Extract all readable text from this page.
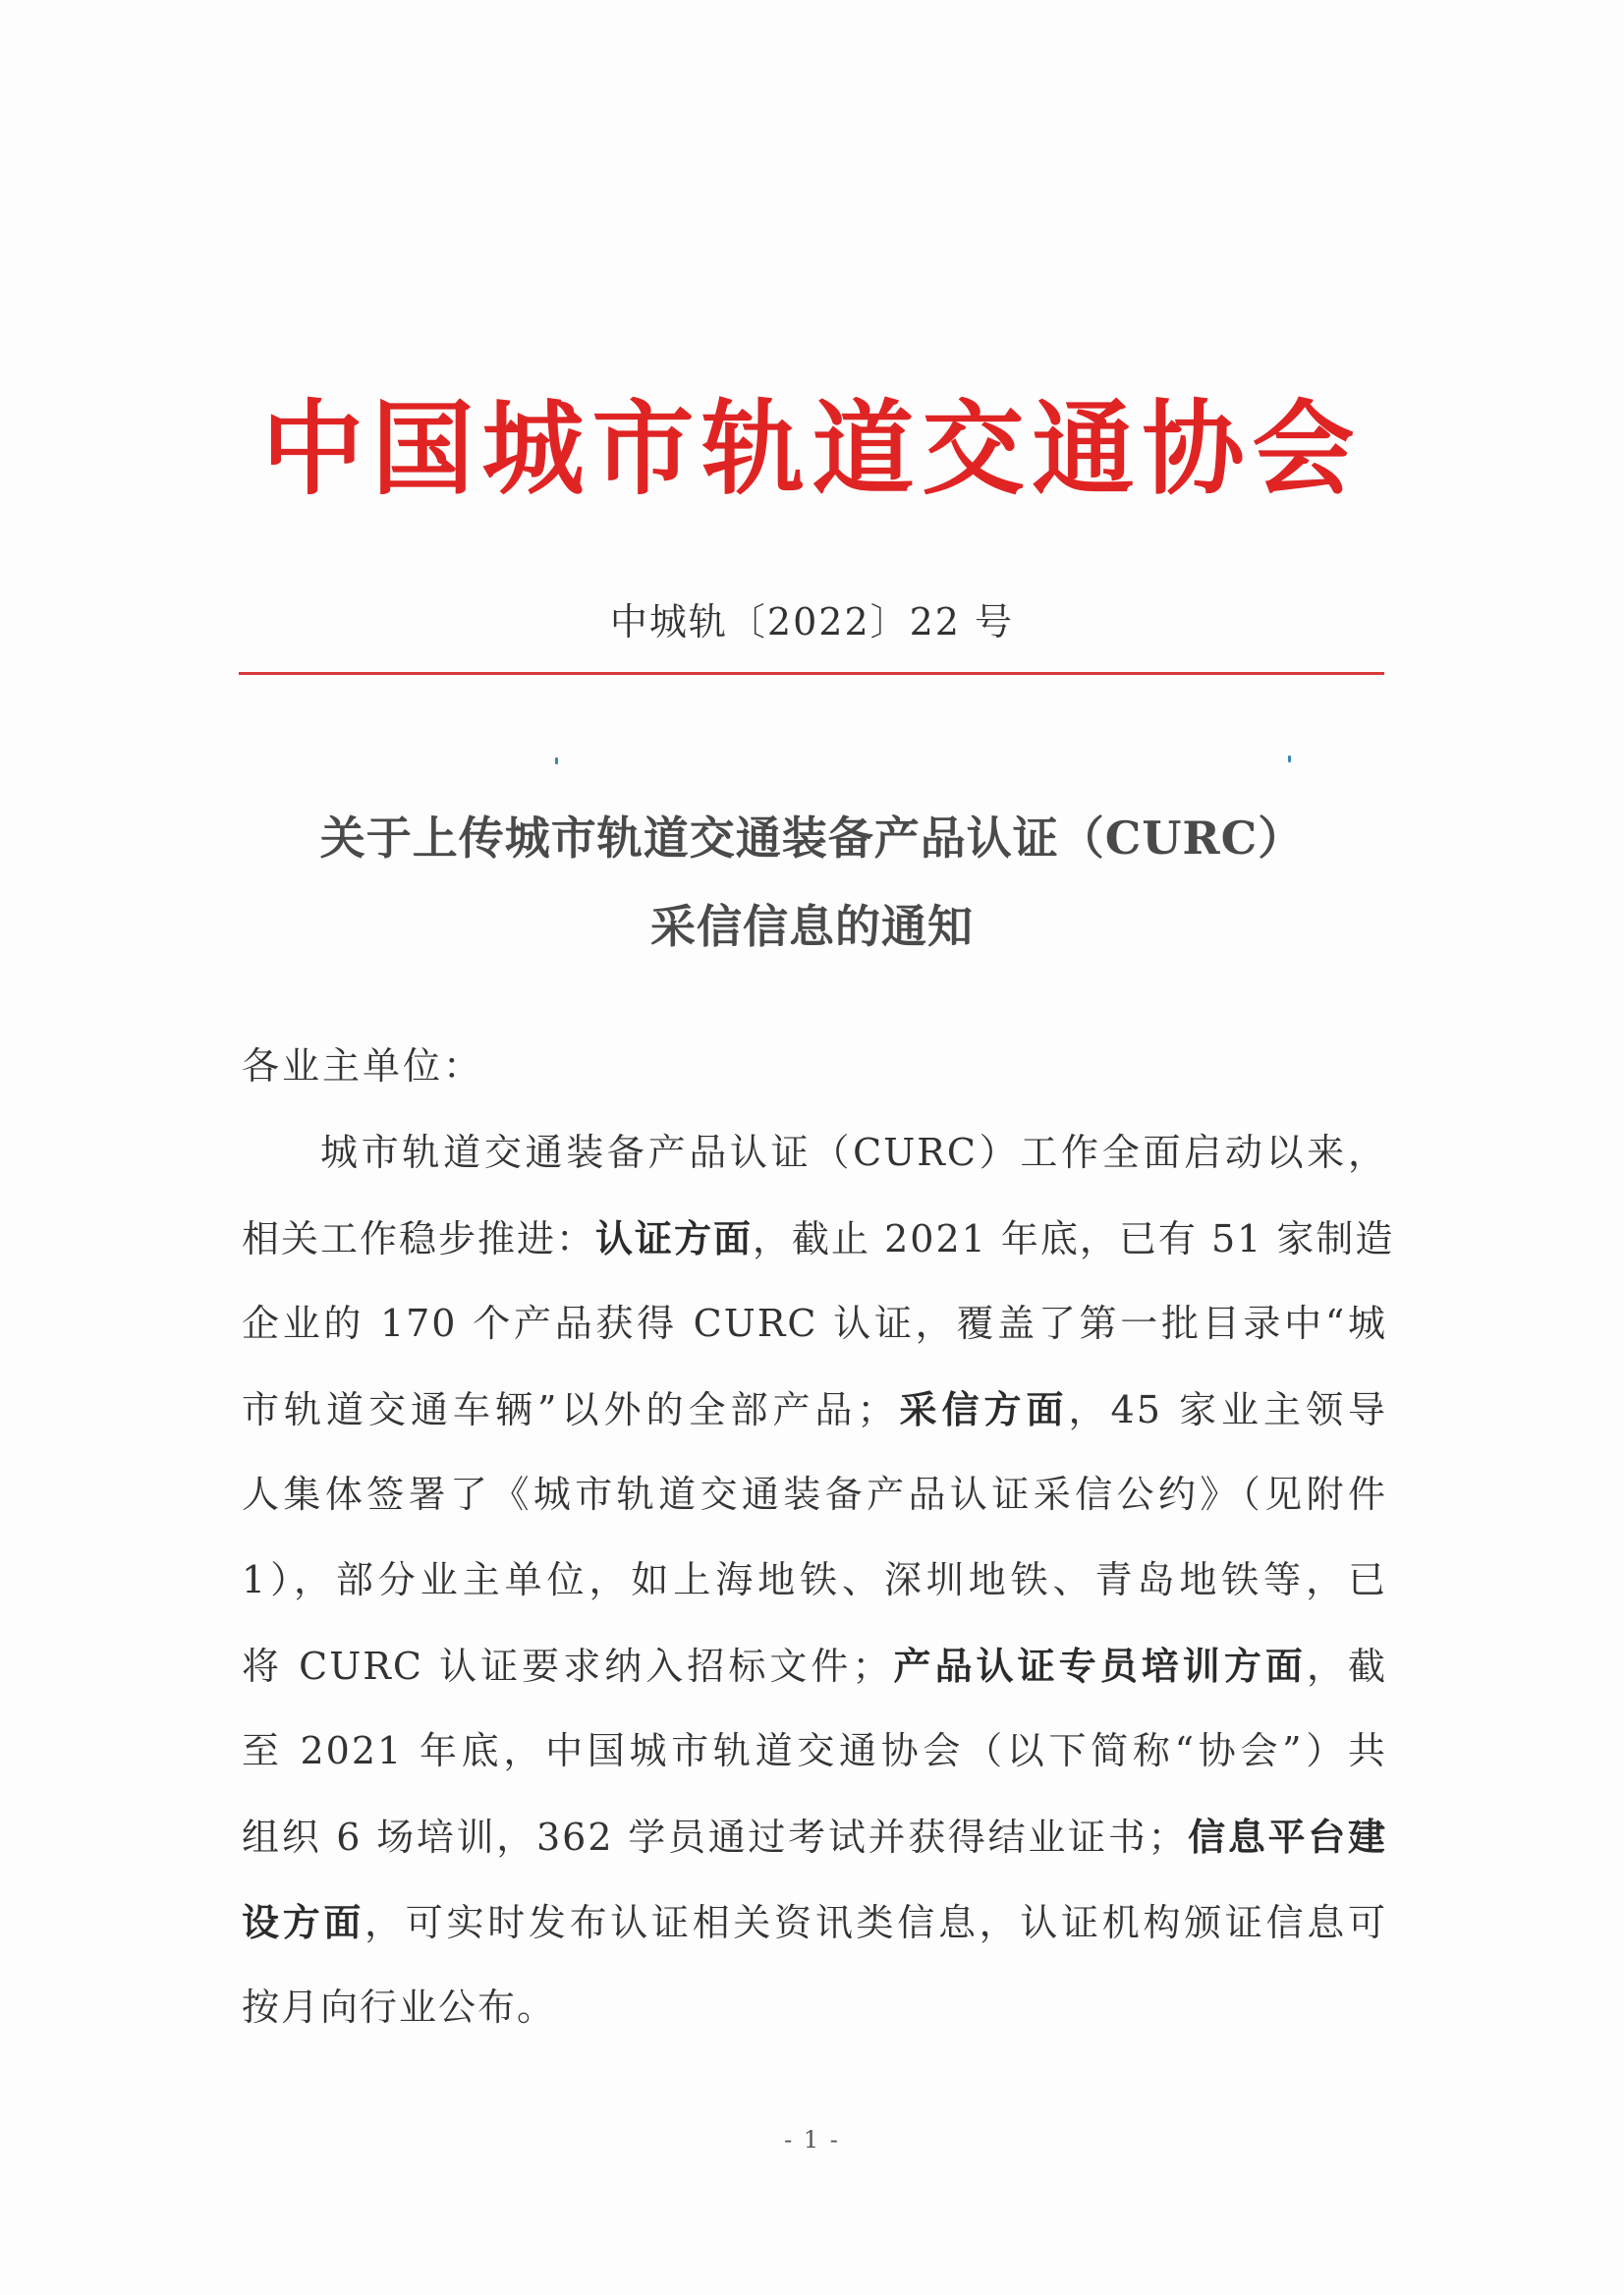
中国城市轨道交通协会
中城轨〔2022〕22 号
关于上传城市轨道交通装备产品认证（CURC）
采信信息的通知
各业主单位：
城市轨道交通装备产品认证（CURC）工作全面启动以来，
相关工作稳步推进：认证方面，截止 2021 年底，已有 51 家制造
企业的 170 个产品获得 CURC 认证，覆盖了第一批目录中“城
市轨道交通车辆”以外的全部产品；采信方面，45 家业主领导
人集体签署了《城市轨道交通装备产品认证采信公约》（见附件
1），部分业主单位，如上海地铁、深圳地铁、青岛地铁等，已
将 CURC 认证要求纳入招标文件；产品认证专员培训方面，截
至 2021 年底，中国城市轨道交通协会（以下简称“协会”）共
组织 6 场培训，362 学员通过考试并获得结业证书；信息平台建
设方面，可实时发布认证相关资讯类信息，认证机构颁证信息可
按月向行业公布。
- 1 -
